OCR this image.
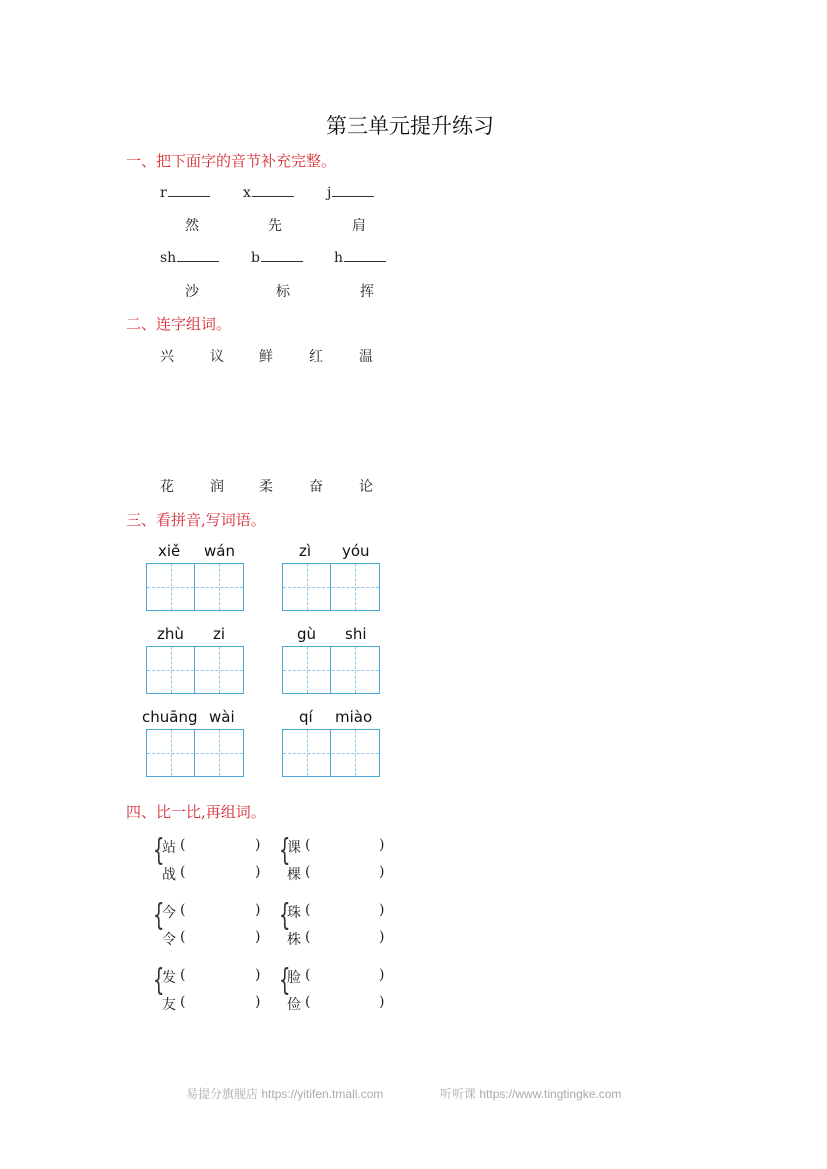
第三单元提升练习
一、把下面字的音节补充完整。
r	x	j
然	先	肩
sh	b	h
沙	标	挥
二、连字组词。
兴	议	鲜	红	温
花	润	柔	奋	论
三、看拼音,写词语。
xiě wán	zì yóu
zhù zi	gù shi
chuāng wài	qí miào
四、比一比,再组词。
{
站 (	)
战 (	)
{
课 (	)
棵 (	)
{
今 (	)
令 (	)
{
珠 (	)
株 (	)
{
发 (	)
友 (	)
{
脸 (	)
俭 (	)
易提分旗舰店 https://yitifen.tmall.com	听听课 https://www.tingtingke.com
